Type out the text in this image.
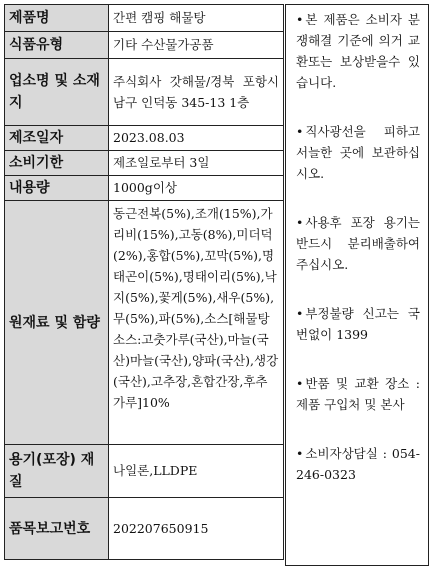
제품명	간편 캠핑 해물탕
식품유형	기타 수산물가공품
업소명 및 소재지	주식회사 갓해물/경북 포항시 남구 인덕동 345-13 1층
제조일자	2023.08.03
소비기한	제조일로부터 3일
내용량	1000g이상
원재료 및 함량	동근전복(5%),조개(15%),가리비(15%),고동(8%),미더덕(2%),홍합(5%),꼬막(5%),명태곤이(5%),명태이리(5%),낙지(5%),꽃게(5%),새우(5%),무(5%),파(5%),소스[해물탕소스:고춧가루(국산),마늘(국산)마늘(국산),양파(국산),생강(국산),고추장,혼합간장,후추가루]10%
용기(포장) 재질	나일론,LLDPE
품목보고번호	202207650915

• 본 제품은 소비자 분쟁해결 기준에 의거 교환또는 보상받을수 있습니다.

• 직사광선을 피하고 서늘한 곳에 보관하십시오.

• 사용후 포장 용기는 반드시 분리배출하여 주십시오.

• 부정불량 신고는 국번없이 1399

• 반품 및 교환 장소 : 제품 구입처 및 본사

• 소비자상담실 : 054-246-0323
